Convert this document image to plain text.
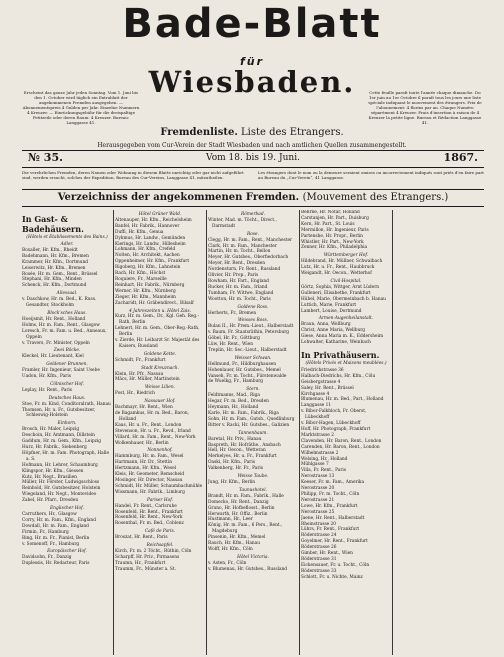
Bade-Blatt
für
Wiesbaden.
Erscheint das ganze Jahr jeden Sonntag. Vom 1. Juni bis den 1. October wird täglich ein Extrablatt der angekommenen Fremden ausgegeben. — Abonnementspreis 4 Gulden per Jahr. Einzelne Nummern 4 Kreuzer. — Einrückungsgebühr für die dreispaltige Petitzeile oder deren Raum: 4 Kreuzer. Bureau: Langgasse 41.
Cette feuille paraît toute l'année chaque dimanche. Du 1er juin au 1er Octobre il paraît tous les jours une liste spéciale indiquant le mouvement des étrangers. Prix de l'abonnement: 4 florins par an. Chaque Numéro séparément 4 Kreuzer. Frais d'insertion à raison de 4 Kreuzer la petite ligne. Bureau et Rédaction Langgasse 41.
Fremdenliste. Liste des Etrangers.
Herausgegeben vom Cur-Verein der Stadt Wiesbaden und nach amtlichen Quellen zusammengestellt.
№ 35.	Vom 18. bis 19. Juni.	1867.
Die verehrlichen Fremden, deren Namen oder Wohnung in diesem Blatte unrichtig oder gar nicht aufgeführt sind, werden ersucht, solches der Expedition, Bureau des Cur-Vereins, Langgasse 41, mitzutheilen.
Les étrangers dont le nom ou la demeure seraient omises ou incorrectement indiqués sont priés d'en faire part au Bureau du „Cur-Verein“, 41 Langgasse.
Verzeichniss der angekommenen Fremden. (Mouvement des Etrangers.)
In Gast- & Badehäusern.
(Hôtels et Etablissements des Bains.)
Adler.
Boxaller, Hr. Kfm., Rheidt
Badehmann, Hr. Kfm., Bremen
Krammer, Hr. Kfm., Dortmund
Leiserwitz, Hr. Kfm., Bremen
Rosée, Hr. m. Gem., Rent., Brüssel
Stephani, Hr. Kfm., Minden
Schenck, Hr. Kfm., Dortmund
Allessaal.
v. Daschkow, Hr. m. Bed., K. Russ. Gesandter, Stockholm
Block'sches Haus.
Hoeijsmit, Hr. Rent., Holland
Holms, Hr. m. Fam., Rent., Glasgow
Loresch, Fr. m. Fam. u. Bed., Anneaux, Oppeln
v. Travers, Fr. Minister, Oppeln
Zwei Böcke.
Kleckel, Hr. Lieutenant, Kiel
Goldener Brunnen.
Framler, Hr. Ingenieur, Saint Usebe
Uadon, Hr. Kfm., Paris
Cölnischer Hof.
Leplay, Hr. Rent., Paris
Deutsches Haus.
Stoe, Fr. m. Kind, Conditoralrath, Hanau
Thomsen, Hr. u. Fr., Gutsbesitzer, Schleswig-Holstein
Einhorn.
Brosch, Hr. Maler, Leipzig
Deschoin, Hr. Amtmann, Dillstein
Gaddum, Hr. m. Gem., Kfm., Leipzig
Hurz, Hr. Fabrik., Siebenberg
Höpfner, Hr. m. Fam. Photograph, Halle a. S.
Hofmann, Hr. Lehrer, Schaumburg
Klingspor, Hr. Kfm., Giessen
Kutz, Hr. Negt., Brasilien
Müller, Hr. Förster, Ludwigsschloss
Reinhold, Hr. Gutsbesitzer, Holstein
Wiegeland, Hr. Negt., Montevideo
Zabel, Hr. Pfarr., Dresden
Englischer Hof.
Carruthers, Hr., Glasgow
Corry, Hr. m. Fam., Kfm., England
Dowdall, Hr. m. Fam., England
Firmin, Fr., Hamburg
Ring, Hr. m. Fr., Pianist, Berlin
v. Somenoff, Fr., Hamburg
Europäischer Hof.
Davidsohn, Fr., Danzig
Duplessis, Hr. Redacteur, Paris
Hôtel Grüner Wald.
Altenauper, Hr. Kfm., Reichelsheim
Banfel, Hr. Fabrik., Hannover
Duffi, Hr. Kfm., Genua
Dykmus, Hr. Landw., Gemünden
Kierings, Hr. Landw., Hillesheim
Lohmann, Hr. Kfm., Crefeld
Nolten, Hr. Architekt, Aachen
Oppenheimer, Hr. Kfm., Frankfurt
Rigoberg, Hr. Kfm., Lahnstein
Rach, Hr. Kfm., Höchst
Roquiere, Fr., Marseille
Reinhart, Hr. Fabrik., Nürnberg
Werner, Hr. Kfm., Nürnberg
Zieger, Hr. Kfm., Mannheim
Zacharidt, Hr. Gräbendirect., Bilsalf
4 Jahreszeiten u. Hôtel Zais.
Kurz, Hr. m. Gem., Dr., Kgl. Geh. Reg.-Rath, Berlin
Lehnert, Hr. m. Gem., Ober-Reg.-Rath, Berlin
v. Zierde, Hr. Leibarzt Sr. Majestät des Kaisers, Russland
Goldene Kette.
Schmidt, Fr., Frankfurt
Stadt Kreuznach.
Klein, Hr. Pfr., Nassau
Mäcs, Hr. Müller, Martinstein
Weisse Lilien.
Post, Hr., Riedrich
Nassauer Hof.
Bachmayr, Hr. Rent., Wien
de Bagamkus, Hr. m. Bed., Baron, Holland
Kaus, Hr. u. Fr., Rent., London
Stevenson, Hr. u. Fr., Revd., Irland
Villard, Hr. m. Fam., Rent., New-York
Wolkenhauer, Hr., Berlin
Nonnenhof.
Hammburg, Hr. m. Fam., Wesel
Hartmann, Hr. Dr., Stettin
Hertzmann, Hr. Kfm., Wesel
Kleis, Hr. Geometer, Remscheid
Mosinger, Hr. Director, Nassau
Schmidt, Hr. Müller, Schaumbachmühle
Wissmann, Hr. Fabrik., Limburg
Pariser Hof.
Handel, Fr. Rent., Carlsruhe
Rosenfeld, Hr. Rent., Frankfurt
Rosenfeld, Hr. Rent., New-York
Rosenthal, Fr. m. Bed., Coblenz
Café de Paris.
Broszat, Hr. Rent., Paris
Reichsapfel.
Kirch, Fr. m. 2 Töcht., Rüthin, Cöln
Scharpff, Hr. Priv., Pirmasens
Traumn, Hr., Frankfurt
Traumm, Fr., Münster a. St.
Römerbad.
Winter, Mad. m. Töcht., Direct., Darmstadt
Rose.
Clegg, Hr. m. Fam., Rent., Manchester
Clark, Hr. m. Fam., Manchester
Martin, Hr. m. Tocht., Bellon
Meyer, Hr. Gutsbes., Oberfiedorbach
Meyer, Hr. Rent., Dresden
Nordensturn, Fr. Rent., Russland
Olivier, Hr. Prop., Paris
Rowham, Hr. Fart., England
Rucker, Hr. m. Fam., Irland
Tumham, Fr. Wittwe, England
Wootton, Hr. m. Tocht., Paris
Goldene Ross.
Herberts, Fr., Bremen
Weisses Ross.
Bulan II., Hr. Prem.-Lieut., Halberstadt
v. Baum, Fr. Staatsräthin, Petersburg
Göbel, Hr. Fr., Göttburg
Lüw, Hr. Rent., Wien
Treplin, Hr. Sec.-Lieut., Halberstadt
Weisser Schwan.
Hellmund, Fr., Hildburghausen
Hohenlauer, Hr. Gutsbes., Memel
Vanseh, Fr. m. Tocht., Fürstenwalde
de Wuelkg, Fr., Hamburg
Stern.
Feldtmanns, Mad., Riga
Hegar, Fr. m. Bed., Dresden
Heymann, Hr., Holland
Karle, Hr. m. Fam., Fabrik., Riga
Sohn, Hr. m. Fam., Gutsb., Quedlinburg
Ritter v. Racki, Hr. Gutsbes., Galizien
Tannenbaum.
Baretal, Hr. Priv., Hanau
Baspreth, Hr. Hofräthe., Ansbach
Hell, Hr. Oecon., Wetteran
Merkelyes, Hr. u. Fr., Frankfurt
Oaski, Hr. Kfm., Paris
Valkenberg, Hr. Fr., Paris
Weisse Taube.
Jung, Hr. Kfm., Berlin
Taunushotel.
Brandt, Hr. m. Fam., Fabrik., Halle
Domecko, Hr. Rent., Danzig
Gruno, Hr. Hofbeflosst., Berlin
Herwarth, Hr. Offiz., Berlin
Hustmann, Hr., Leer
König, Hr. m. Fam., 6 Pers., Rent., Magdeburg
Pinsenin, Hr. Kfm., Memel
Rauch, Hr. Kfm., Hanau
Wolff, Hr. Kfm., Cöln
Hôtel Victoria.
v. Asten, Fr., Cöln
v. Blumenau, Hr. Gutsbes., Russland
Behrne, Hr. Notar, Holland
Carstanjen, Hr. Part., Duisburg
Kern, Hr. Part., St. Louis
Mermillon, Hr. Ingenieur, Paris
Partenshe, Hr. Propr., Berlin
Whistler, Hr. Part., New-York
Zenner, Hr. Kfm., Philadelphia
Württemberger Hof.
Hildebrand, Hr. Müllner, Schwalbach
Lutz, Hr. u. Fr., Rent., Haubbruck
Weigandt, Hr. Oecon., Wetterhof
Civil-Hospital.
Görtz, Sophia, Wittger, Arnt Lüdern
Gulleneri, Elisabethe, Frankfurt
Hübel, Marie, Obermeinbach b. Hanau
Luttich, Marie, Frankfurt
Lambert, Louise, Dortmund
Armen-Augenheilanstalt.
Braun, Anna, Wellburg
Christ, Anne Maria, Wellburg
Giese, Anna Maria m. K., Eddersheim
Lohwalter, Katharine, Weinbach
In Privathäusern.
(Hôtels Privés et Maisons meublées.)
Friedrichstrasse 36
Halbach-Diedrichs, Hr. Kfm., Cölu
Geisbergstrasse 4
Saley, Hr. Rent., Brüssel
Kirchgasse 4
Blumenau, Hr. m. Bed., Part., Holland
Langgasse 11
v. Bibor-Falkbloch, Fr. Oberst, Lübeckhoff
v. Bibor-Hagen, Lübeckhoff
Hoff, Hr. Photograph, Frankfurt
Marktstrasse 2
Clavenden, Hr. Baron, Rent., London
Carenden, Hr. Baron, Rent., London
Wilhelmstrasse 2
Welsing, Hr., Holland
Mühlgasse 7
Villa, Fr. Rent., Paris
Nerostrasse 13
Keeser, Fr. m. Fam., Amerika
Nerostrasse 20
Philipp, Fr. m. Tocht., Cöln
Nerostrasse 21
Lowe, Hr. Kfm., Frankfurt
Nerostrasse 25
Jaene, Hr. Rent., Halberstadt
Rheinstrasse 20
Lührs, Fr. Rent., Frankfurt
Röderstrasse 24
Goyelmer, Hr. Rent., Frankfurt
Röderstrasse 26
Gimber, Hr. Rent., Wien
Röderstrasse 31
Eickensauer, Fr. u. Tocht., Cöln
Röderstrasse 33
Schlott, Fr. u. Nichte, Mainz
